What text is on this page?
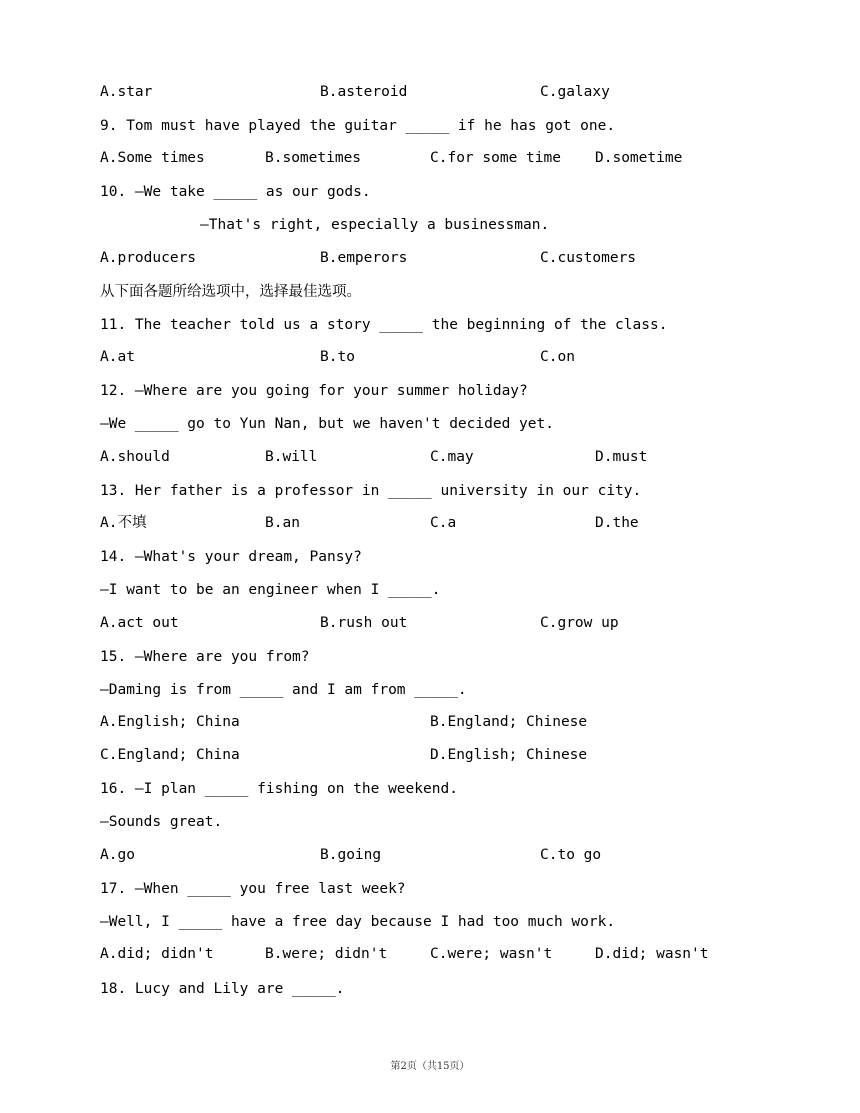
A.star	B.asteroid	C.galaxy
9. Tom must have played the guitar _____ if he has got one.
A.Some times	B.sometimes	C.for some time D.sometime
10. —We take _____ as our gods.
—That's right, especially a businessman.
A.producers	B.emperors	C.customers
从下面各题所给选项中，选择最佳选项。
11. The teacher told us a story _____ the beginning of the class.
A.at	B.to	C.on
12. —Where are you going for your summer holiday?
—We _____ go to Yun Nan, but we haven't decided yet.
A.should	B.will	C.may	D.must
13. Her father is a professor in _____ university in our city.
A.不填	B.an	C.a	D.the
14. —What's your dream, Pansy?
—I want to be an engineer when I _____.
A.act out	B.rush out	C.grow up
15. —Where are you from?
—Daming is from _____ and I am from _____.
A.English; China	B.England; Chinese
C.England; China	D.English; Chinese
16. —I plan _____ fishing on the weekend.
—Sounds great.
A.go	B.going	C.to go
17. —When _____ you free last week?
—Well, I _____ have a free day because I had too much work.
A.did; didn't	B.were; didn't	C.were; wasn't	D.did; wasn't
18. Lucy and Lily are _____.
第2页（共15页）
